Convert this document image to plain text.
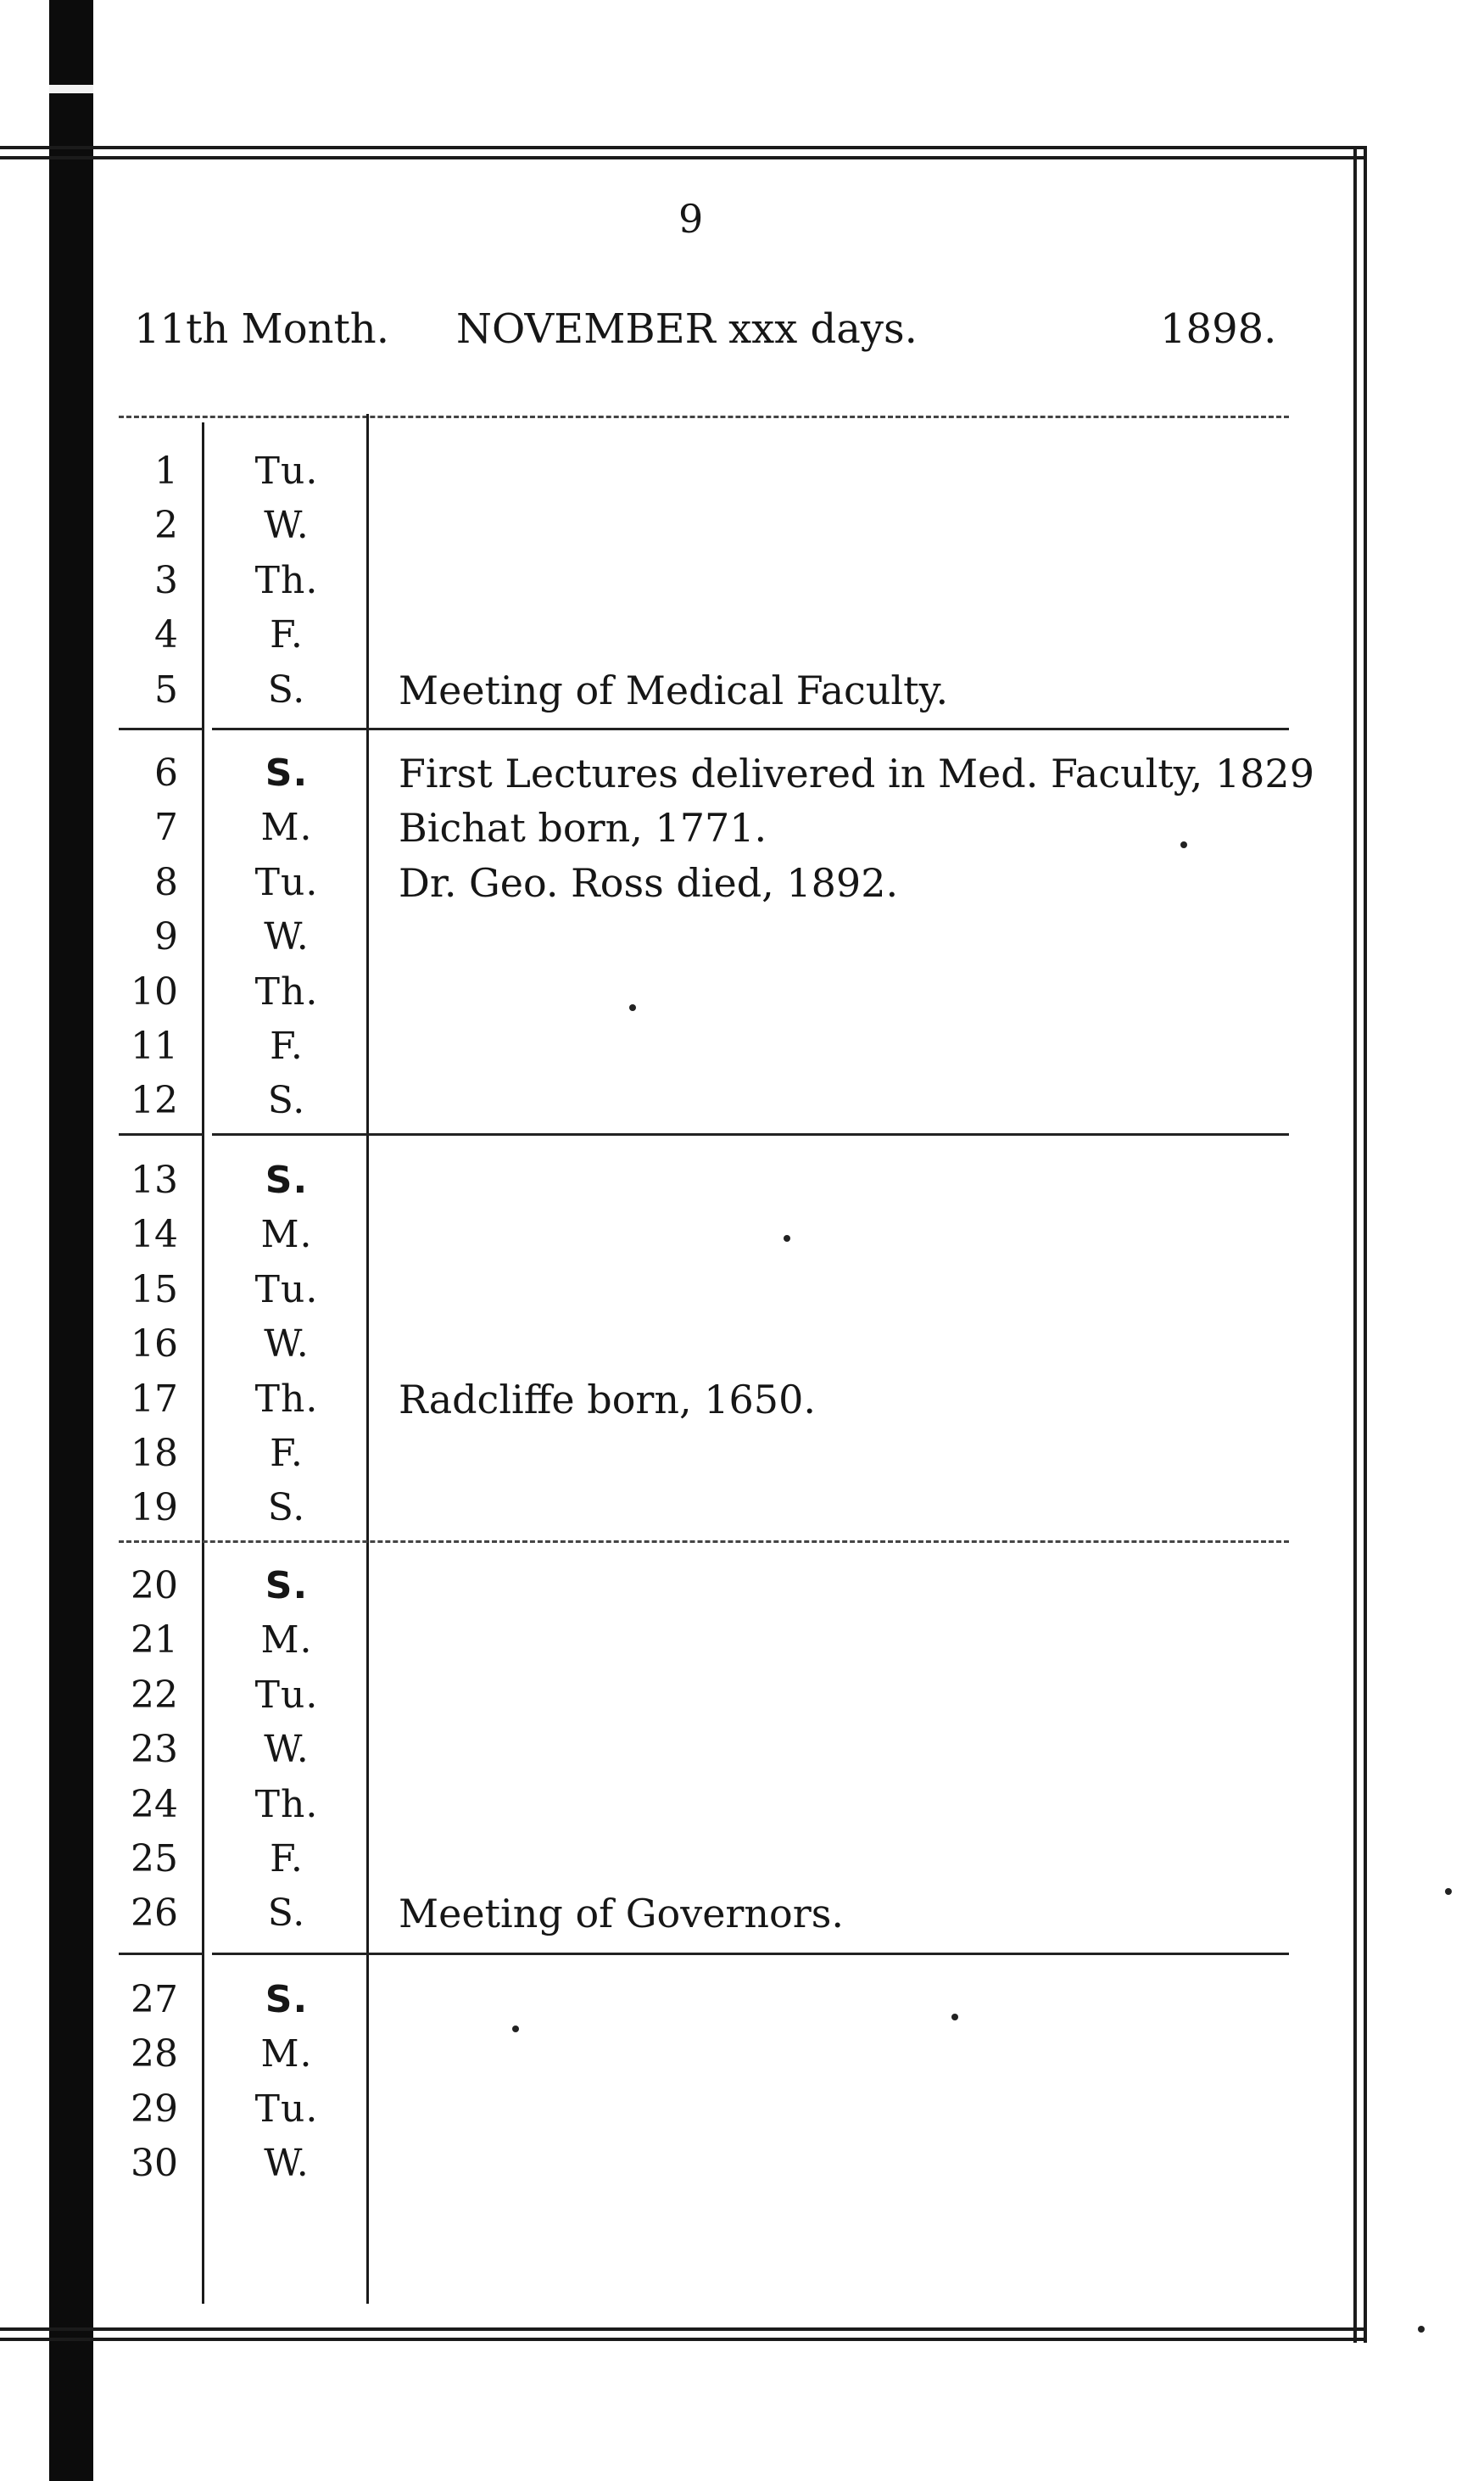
9
11th Month. NOVEMBER xxx days.	1898.
1	Tu.
2	W.
3	Th.
4	F.
5	S.	Meeting of Medical Faculty.
6	S.	First Lectures delivered in Med. Faculty, 1829
7	M.	Bichat born, 1771.
8	Tu.	Dr. Geo. Ross died, 1892.
9	W.
10	Th.
11	F.
12	S.
13	S.
14	M.
15	Tu.
16	W.
17	Th.	Radcliffe born, 1650.
18	F.
19	S.
20	S.
21	M.
22	Tu.
23	W.
24	Th.
25	F.
26	S.	Meeting of Governors.
27	S.
28	M.
29	Tu.
30	W.
